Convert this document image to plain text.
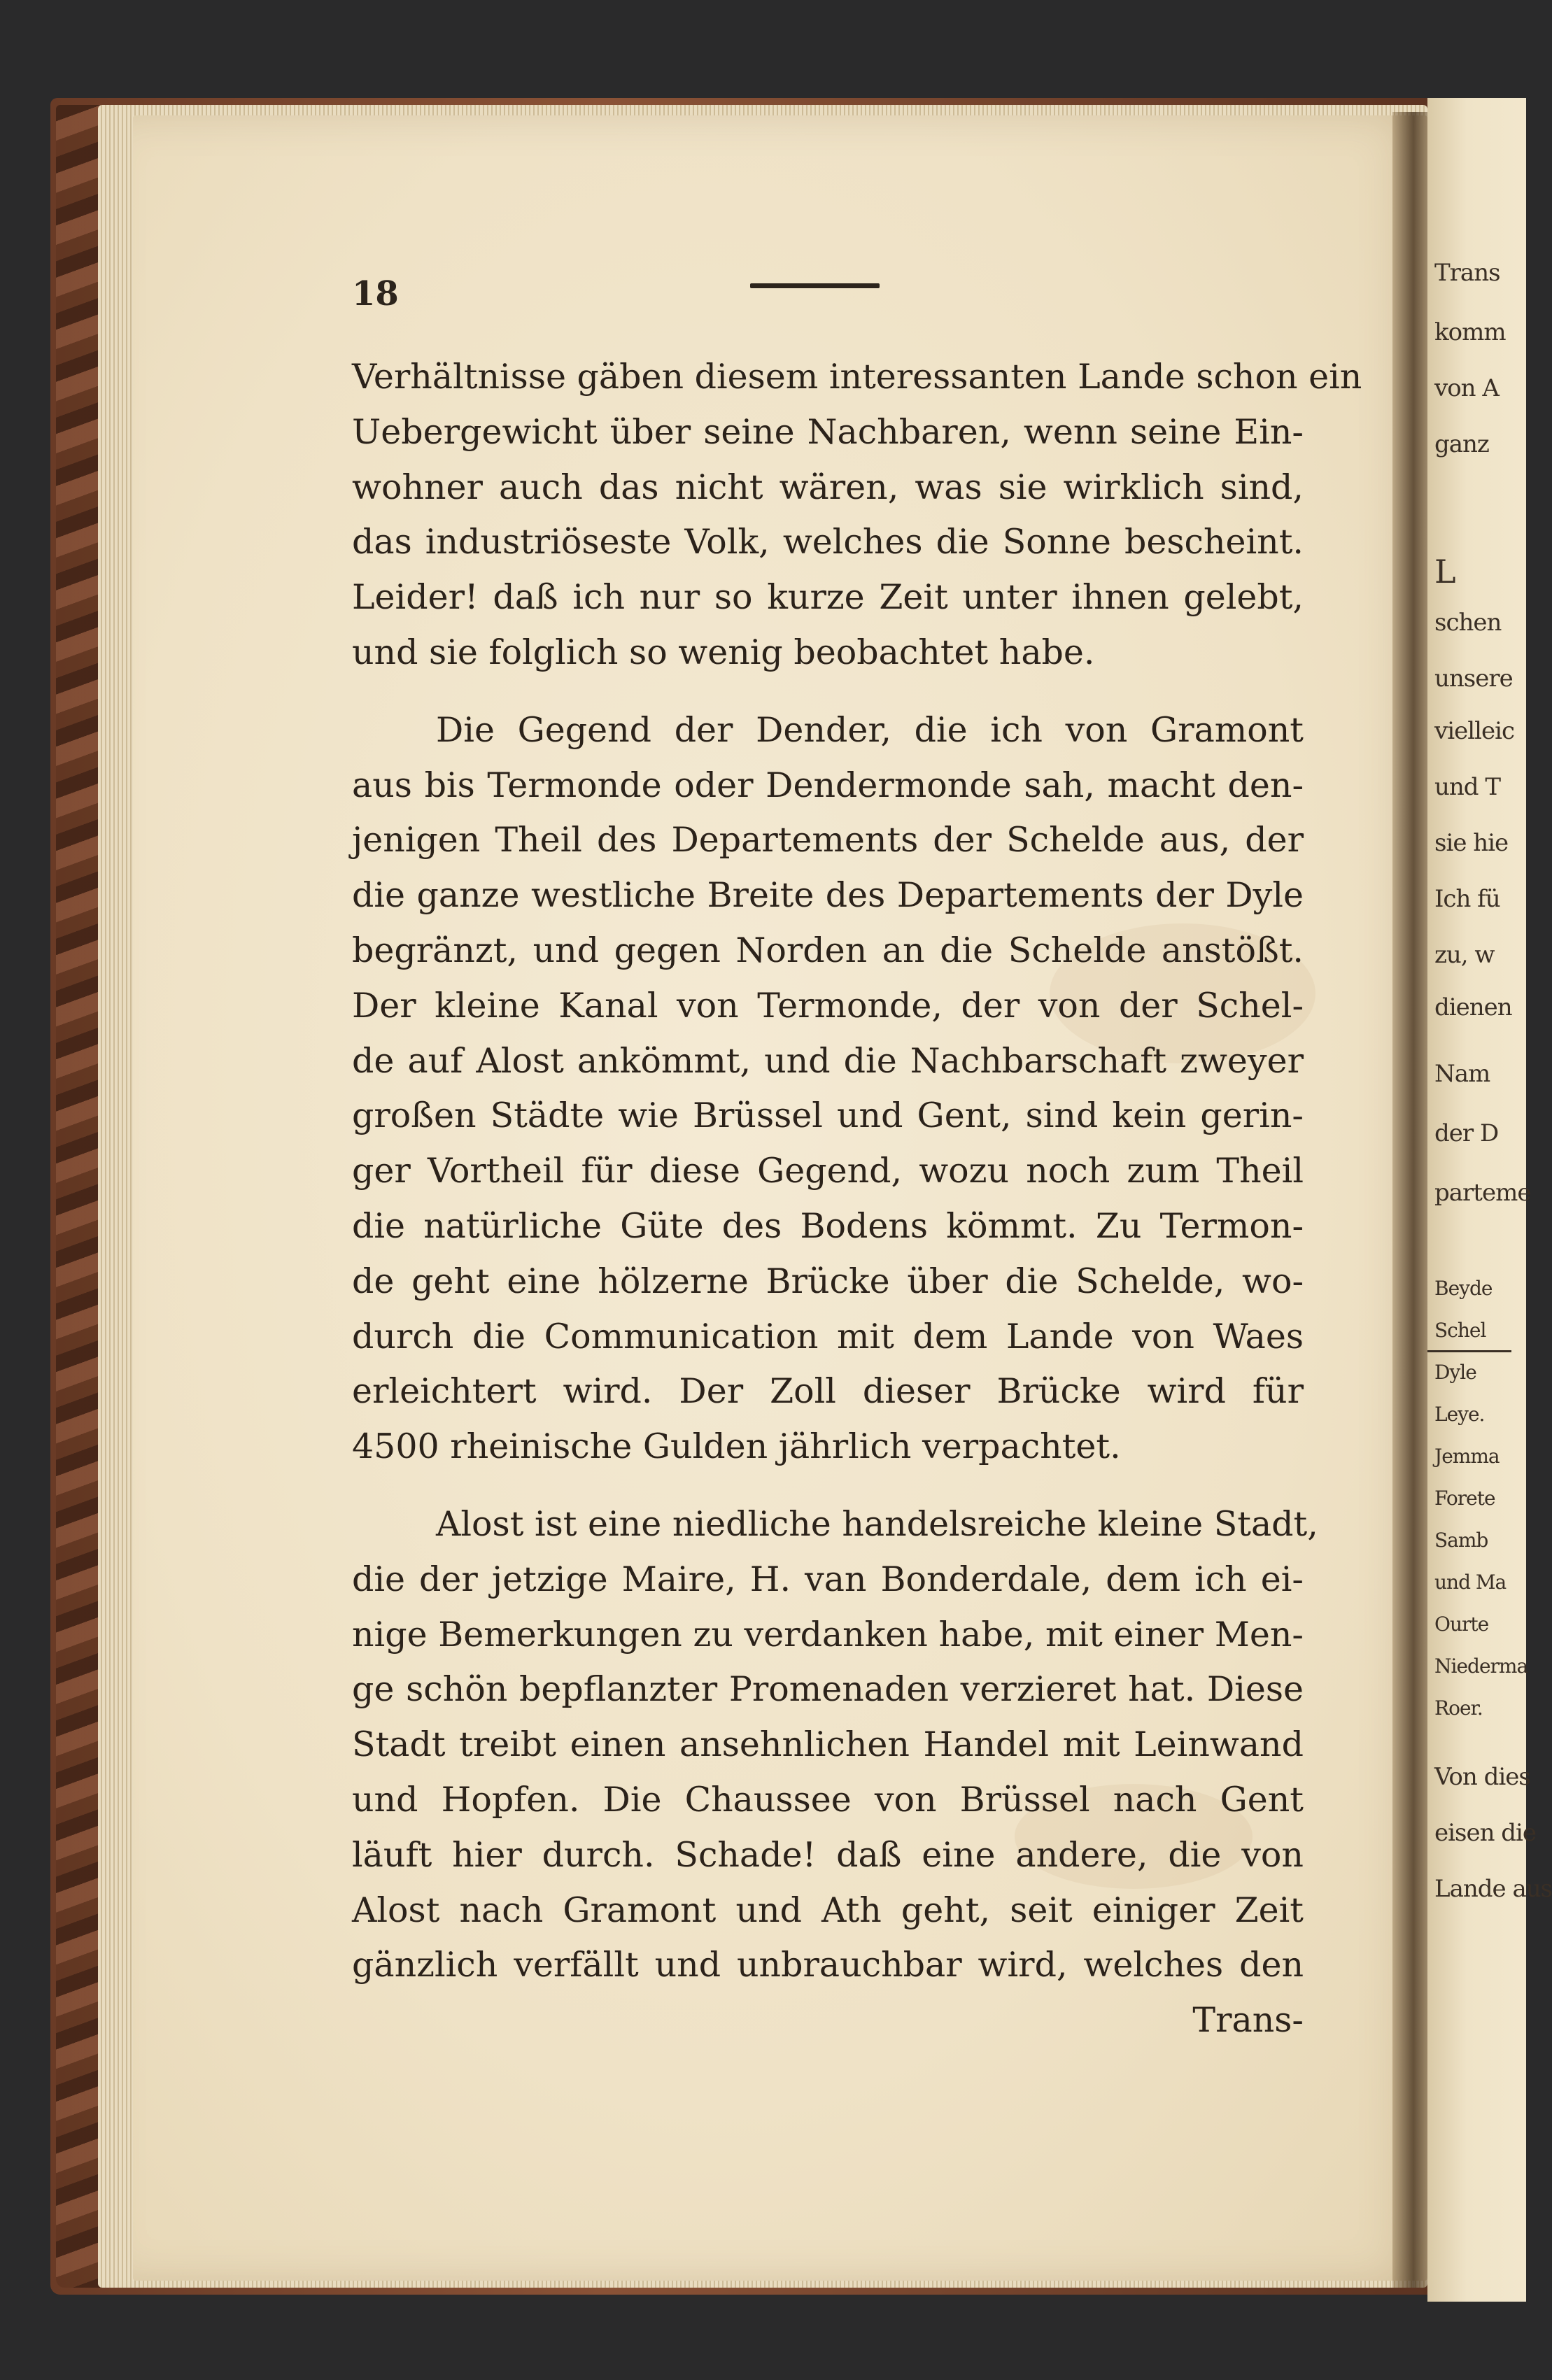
Trans
komm
von A
ganz
L
schen
unsere
vielleic
und T
sie hie
Ich fü
zu, w
dienen
Nam
der D
parteme
Beyde
Schel
Dyle
Leye.
Jemma
Forete
Samb
und Ma
Ourte
Niederma
Roer.
Von dies
eisen die
Lande aus
18
Verhältnisse gäben diesem interessanten Lande schon ein
Uebergewicht über seine Nachbaren, wenn seine Ein-
wohner auch das nicht wären, was sie wirklich sind,
das industriöseste Volk, welches die Sonne bescheint.
Leider! daß ich nur so kurze Zeit unter ihnen gelebt,
und sie folglich so wenig beobachtet habe.
Die Gegend der Dender, die ich von Gramont
aus bis Termonde oder Dendermonde sah, macht den-
jenigen Theil des Departements der Schelde aus, der
die ganze westliche Breite des Departements der Dyle
begränzt, und gegen Norden an die Schelde anstößt.
Der kleine Kanal von Termonde, der von der Schel-
de auf Alost ankömmt, und die Nachbarschaft zweyer
großen Städte wie Brüssel und Gent, sind kein gerin-
ger Vortheil für diese Gegend, wozu noch zum Theil
die natürliche Güte des Bodens kömmt. Zu Termon-
de geht eine hölzerne Brücke über die Schelde, wo-
durch die Communication mit dem Lande von Waes
erleichtert wird. Der Zoll dieser Brücke wird für
4500 rheinische Gulden jährlich verpachtet.
Alost ist eine niedliche handelsreiche kleine Stadt,
die der jetzige Maire, H. van Bonderdale, dem ich ei-
nige Bemerkungen zu verdanken habe, mit einer Men-
ge schön bepflanzter Promenaden verzieret hat. Diese
Stadt treibt einen ansehnlichen Handel mit Leinwand
und Hopfen. Die Chaussee von Brüssel nach Gent
läuft hier durch. Schade! daß eine andere, die von
Alost nach Gramont und Ath geht, seit einiger Zeit
gänzlich verfällt und unbrauchbar wird, welches den
Trans-
